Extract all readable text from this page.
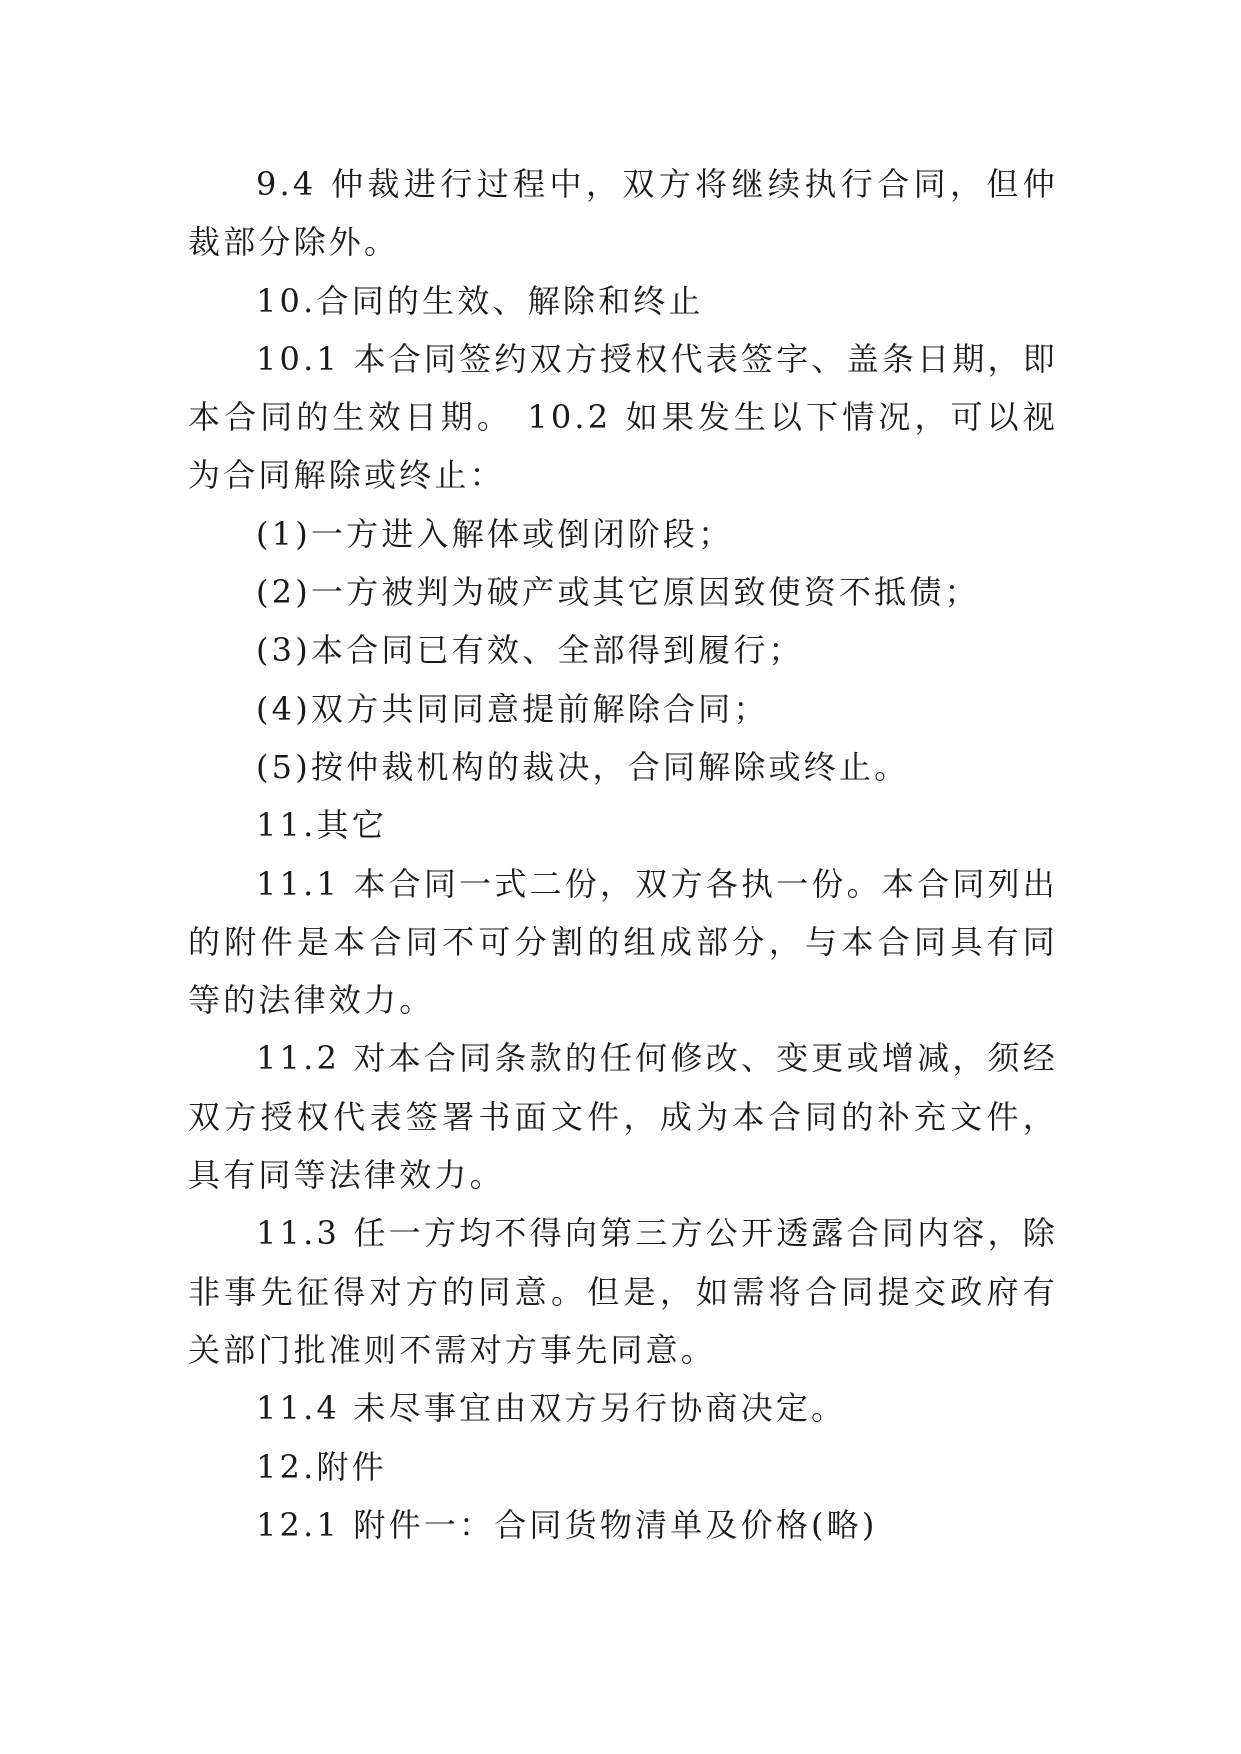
9.4 仲裁进行过程中，双方将继续执行合同，但仲裁部分除外。

10.合同的生效、解除和终止

10.1 本合同签约双方授权代表签字、盖条日期，即本合同的生效日期。 10.2 如果发生以下情况，可以视为合同解除或终止：

(1)一方进入解体或倒闭阶段；

(2)一方被判为破产或其它原因致使资不抵债；

(3)本合同已有效、全部得到履行；

(4)双方共同同意提前解除合同；

(5)按仲裁机构的裁决，合同解除或终止。

11.其它

11.1 本合同一式二份，双方各执一份。本合同列出的附件是本合同不可分割的组成部分，与本合同具有同等的法律效力。

11.2 对本合同条款的任何修改、变更或增减，须经双方授权代表签署书面文件，成为本合同的补充文件，具有同等法律效力。

11.3 任一方均不得向第三方公开透露合同内容，除非事先征得对方的同意。但是，如需将合同提交政府有关部门批准则不需对方事先同意。

11.4 未尽事宜由双方另行协商决定。

12.附件

12.1 附件一：合同货物清单及价格(略)
